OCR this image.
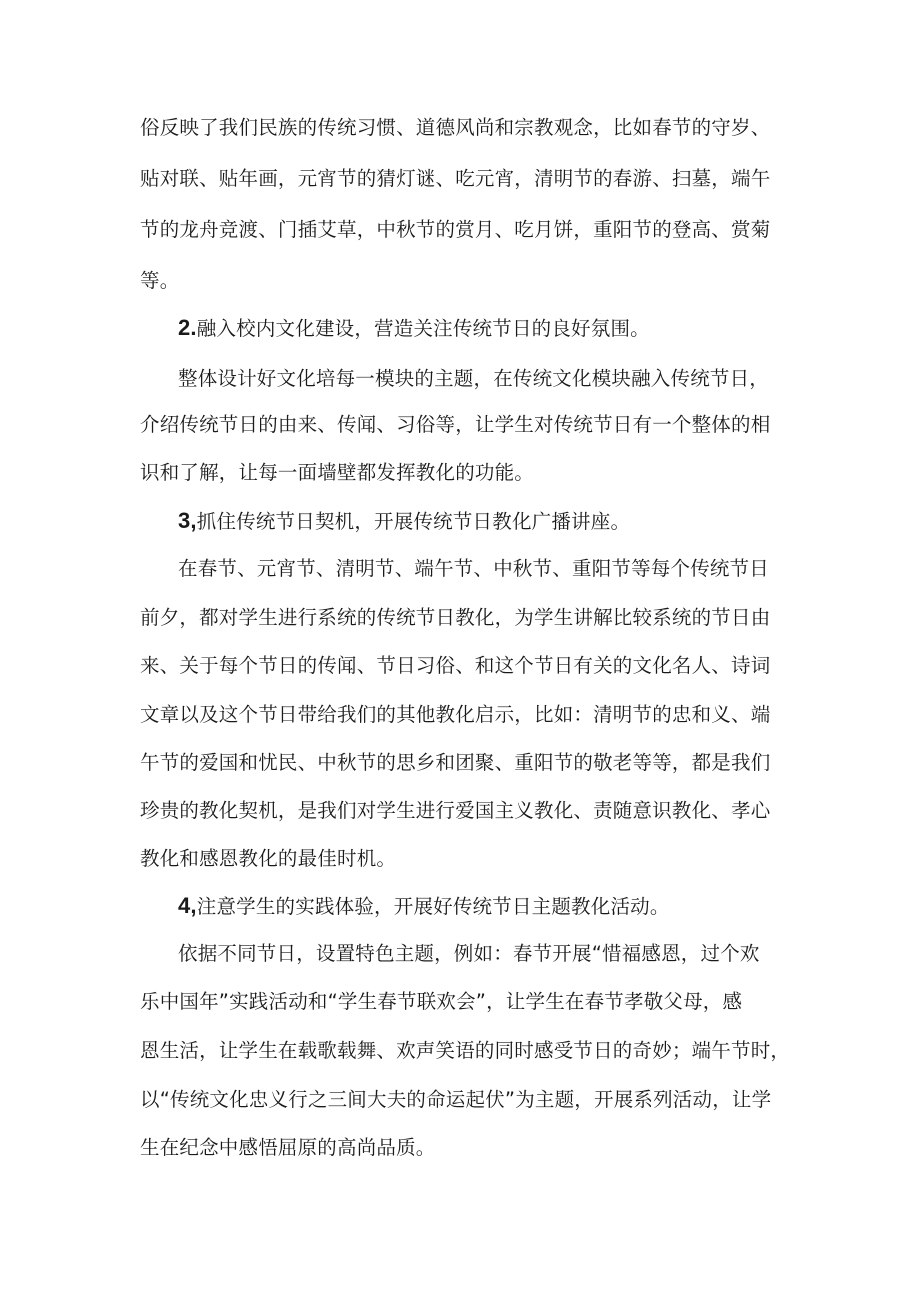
俗反映了我们民族的传统习惯、道德风尚和宗教观念，比如春节的守岁、
贴对联、贴年画，元宵节的猜灯谜、吃元宵，清明节的春游、扫墓，端午
节的龙舟竞渡、门插艾草，中秋节的赏月、吃月饼，重阳节的登高、赏菊
等。
2.融入校内文化建设，营造关注传统节日的良好氛围。
整体设计好文化培每一模块的主题，在传统文化模块融入传统节日，
介绍传统节日的由来、传闻、习俗等，让学生对传统节日有一个整体的相
识和了解，让每一面墙壁都发挥教化的功能。
3,抓住传统节日契机，开展传统节日教化广播讲座。
在春节、元宵节、清明节、端午节、中秋节、重阳节等每个传统节日
前夕，都对学生进行系统的传统节日教化，为学生讲解比较系统的节日由
来、关于每个节日的传闻、节日习俗、和这个节日有关的文化名人、诗词
文章以及这个节日带给我们的其他教化启示，比如：清明节的忠和义、端
午节的爱国和忧民、中秋节的思乡和团聚、重阳节的敬老等等，都是我们
珍贵的教化契机，是我们对学生进行爱国主义教化、责随意识教化、孝心
教化和感恩教化的最佳时机。
4,注意学生的实践体验，开展好传统节日主题教化活动。
依据不同节日，设置特色主题，例如：春节开展“惜福感恩，过个欢
乐中国年”实践活动和“学生春节联欢会”，让学生在春节孝敬父母，感
恩生活，让学生在载歌载舞、欢声笑语的同时感受节日的奇妙；端午节时，
以“传统文化忠义行之三间大夫的命运起伏”为主题，开展系列活动，让学
生在纪念中感悟屈原的高尚品质。
